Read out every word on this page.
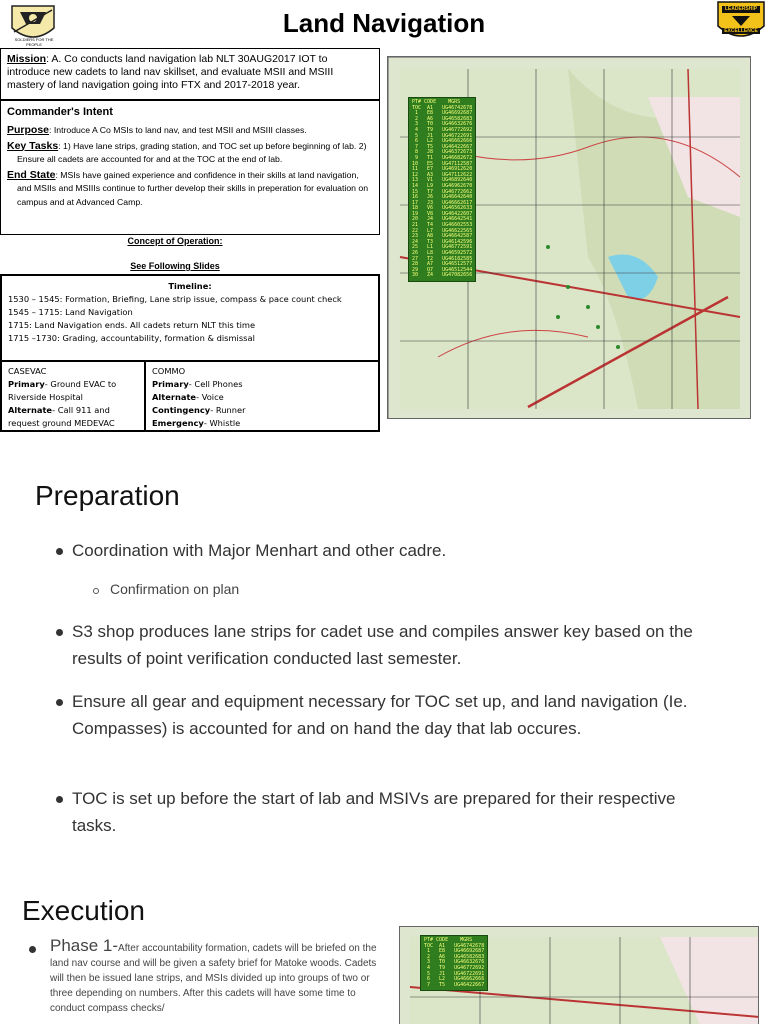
SOLDIERS FOR THE PEOPLE
Land Navigation	LEADERSHIP
EXCELLENCE
Mission: A. Co conducts land navigation lab NLT 30AUG2017 IOT to introduce new cadets to land nav skillset, and evaluate MSII and MSIII mastery of land navigation going into FTX and 2017-2018 year.
Commander's Intent
Purpose: Introduce A Co MSIs to land nav, and test MSII and MSIII classes.
Key Tasks: 1) Have lane strips, grading station, and TOC set up before beginning of lab. 2) Ensure all cadets are accounted for and at the TOC at the end of lab.
End State: MSIs have gained experience and confidence in their skills at land navigation, and MSIIs and MSIIIs continue to further develop their skills in preperation for evaluation on campus and at Advanced Camp.
Concept of Operation:
See Following Slides
Timeline:
1530 – 1545: Formation, Briefing, Lane strip issue, compass & pace count check
1545 – 1715: Land Navigation
1715: Land Navigation ends. All cadets return NLT this time
1715 –1730: Grading, accountability, formation & dismissal
CASEVAC
Primary- Ground EVAC to Riverside Hospital
Alternate- Call 911 and request ground MEDEVAC
COMMO
Primary- Cell Phones
Alternate- Voice
Contingency- Runner
Emergency- Whistle
PT# CODE    MGRS
TOC  A1   UG46742678
1   E8   UG46692687
2   A6   UG46582683
3   T0   UG46632676
4   T9   UG46772692
5   J1   UG46722691
6   L2   UG46662666
7   T5   UG46422667
8   J8   UG46372673
9   T1   UG46682672
10   E5   UG47112587
11   E7   UG46912620
12   A3   UG47112622
13   V1   UG46892640
14   L9   UG46962670
15   T7   UG46772662
16   J6   UG46642640
17   J3   UG46662617
18   V6   UG46562633
19   V8   UG46422607
20   J4   UG46642541
21   T4   UG46602553
22   L7   UG46622565
23   A8   UG46642587
24   T3   UG46142596
25   L1   UG46772591
26   L8   UG46592572
27   T2   UG46182585
28   A7   UG46512577
29   Q7   UG46512544
30   Z4   UG47082656
Preparation
Coordination with Major Menhart and other cadre.
Confirmation on plan
S3 shop produces lane strips for cadet use and compiles answer key based on the results of point verification conducted last semester.
Ensure all gear and equipment necessary for TOC set up, and land navigation (Ie. Compasses) is accounted for and on hand the day that lab occures.
TOC is set up before the start of lab and MSIVs are prepared for their respective tasks.
Execution
Phase 1-After accountability formation, cadets will be briefed on the land nav course and will be given a safety brief for Matoke woods. Cadets will then be issued lane strips, and MSIs divided up into groups of two or three depending on numbers. After this cadets will have some time to conduct compass checks/
PT# CODE    MGRS
TOC  A1   UG46742678
1   E8   UG46692687
2   A6   UG46582683
3   T0   UG46632676
4   T9   UG46772692
5   J1   UG46722691
6   L2   UG46662666
7   T5   UG46422667
